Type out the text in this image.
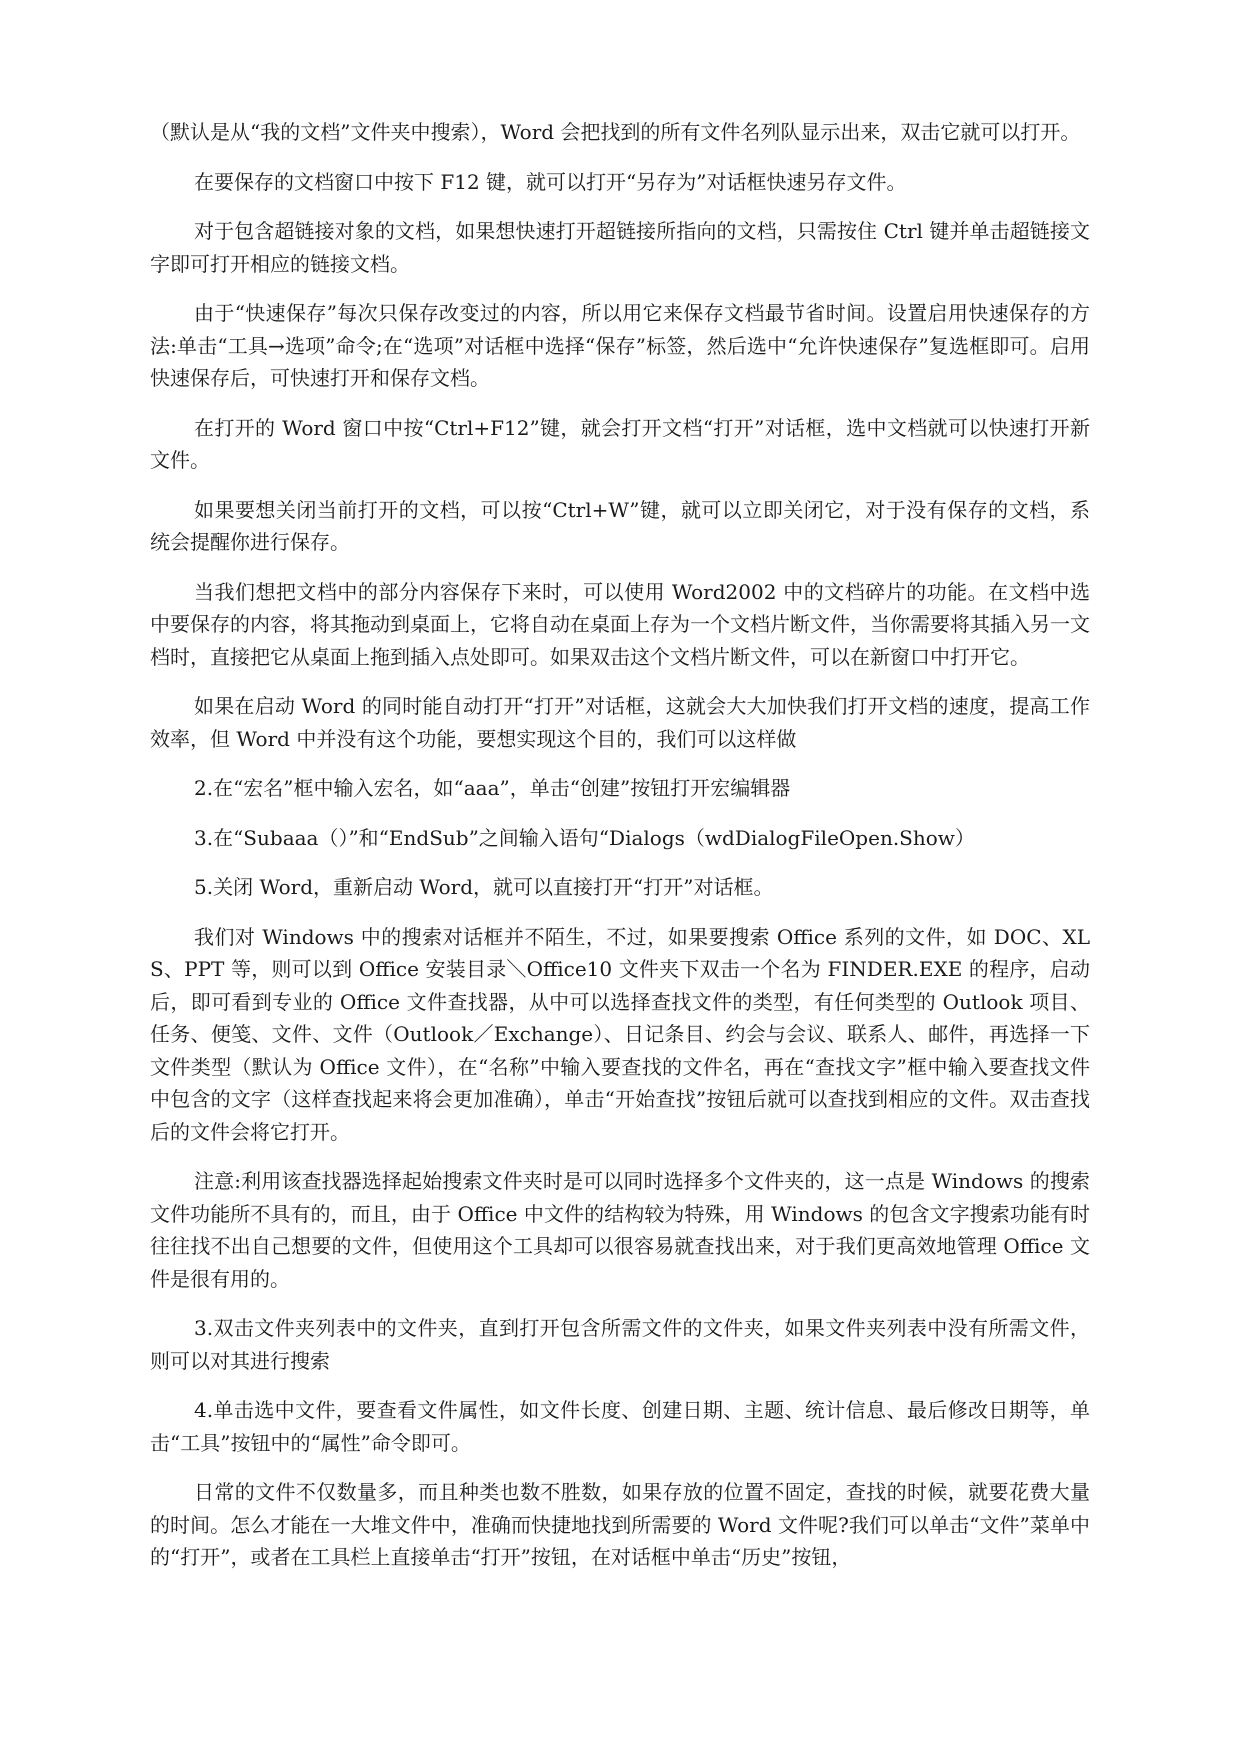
（默认是从“我的文档”文件夹中搜索），Word 会把找到的所有文件名列队显示出来，双击它就可以打开。

在要保存的文档窗口中按下 F12 键，就可以打开“另存为”对话框快速另存文件。

对于包含超链接对象的文档，如果想快速打开超链接所指向的文档，只需按住 Ctrl 键并单击超链接文字即可打开相应的链接文档。

由于“快速保存”每次只保存改变过的内容，所以用它来保存文档最节省时间。设置启用快速保存的方法:单击“工具→选项”命令;在“选项”对话框中选择“保存”标签，然后选中“允许快速保存”复选框即可。启用快速保存后，可快速打开和保存文档。

在打开的 Word 窗口中按“Ctrl+F12”键，就会打开文档“打开”对话框，选中文档就可以快速打开新文件。

如果要想关闭当前打开的文档，可以按“Ctrl+W”键，就可以立即关闭它，对于没有保存的文档，系统会提醒你进行保存。

当我们想把文档中的部分内容保存下来时，可以使用 Word2002 中的文档碎片的功能。在文档中选中要保存的内容，将其拖动到桌面上，它将自动在桌面上存为一个文档片断文件，当你需要将其插入另一文档时，直接把它从桌面上拖到插入点处即可。如果双击这个文档片断文件，可以在新窗口中打开它。

如果在启动 Word 的同时能自动打开“打开”对话框，这就会大大加快我们打开文档的速度，提高工作效率，但 Word 中并没有这个功能，要想实现这个目的，我们可以这样做

2.在“宏名”框中输入宏名，如“aaa”，单击“创建”按钮打开宏编辑器

3.在“Subaaa（）”和“EndSub”之间输入语句“Dialogs（wdDialogFileOpen.Show）

5.关闭 Word，重新启动 Word，就可以直接打开“打开”对话框。

我们对 Windows 中的搜索对话框并不陌生，不过，如果要搜索 Office 系列的文件，如 DOC、XLS、PPT 等，则可以到 Office 安装目录＼Office10 文件夹下双击一个名为 FINDER.EXE 的程序，启动后，即可看到专业的 Office 文件查找器，从中可以选择查找文件的类型，有任何类型的 Outlook 项目、任务、便笺、文件、文件（Outlook／Exchange）、日记条目、约会与会议、联系人、邮件，再选择一下文件类型（默认为 Office 文件），在“名称”中输入要查找的文件名，再在“查找文字”框中输入要查找文件中包含的文字（这样查找起来将会更加准确），单击“开始查找”按钮后就可以查找到相应的文件。双击查找后的文件会将它打开。

注意:利用该查找器选择起始搜索文件夹时是可以同时选择多个文件夹的，这一点是 Windows 的搜索文件功能所不具有的，而且，由于 Office 中文件的结构较为特殊，用 Windows 的包含文字搜索功能有时往往找不出自己想要的文件，但使用这个工具却可以很容易就查找出来，对于我们更高效地管理 Office 文件是很有用的。

3.双击文件夹列表中的文件夹，直到打开包含所需文件的文件夹，如果文件夹列表中没有所需文件，则可以对其进行搜索

4.单击选中文件，要查看文件属性，如文件长度、创建日期、主题、统计信息、最后修改日期等，单击“工具”按钮中的“属性”命令即可。

日常的文件不仅数量多，而且种类也数不胜数，如果存放的位置不固定，查找的时候，就要花费大量的时间。怎么才能在一大堆文件中，准确而快捷地找到所需要的 Word 文件呢?我们可以单击“文件”菜单中的“打开”，或者在工具栏上直接单击“打开”按钮，在对话框中单击“历史”按钮，
